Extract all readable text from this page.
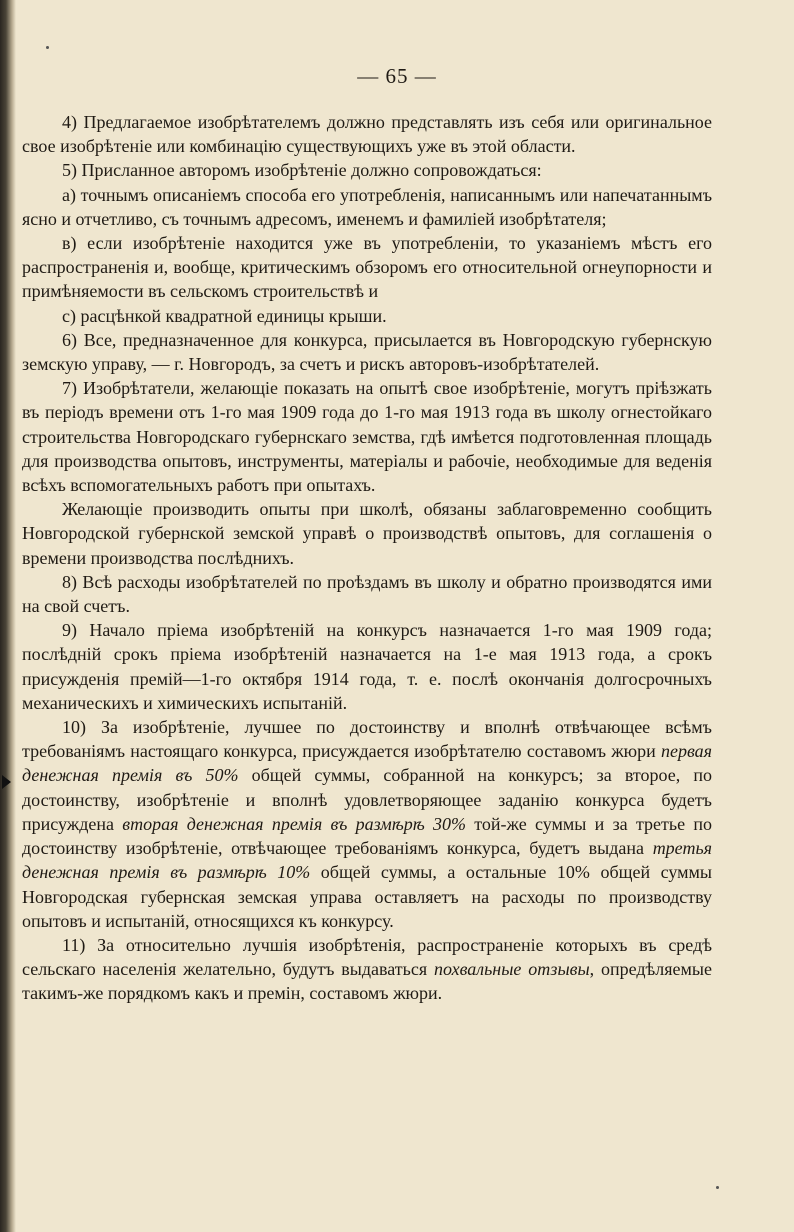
— 65 —

4) Предлагаемое изобрѣтателемъ должно представлять изъ себя или оригинальное свое изобрѣтеніе или комбинацію существующихъ уже въ этой области.

5) Присланное авторомъ изобрѣтеніе должно сопровождаться:

a) точнымъ описаніемъ способа его употребленія, написаннымъ или напечатаннымъ ясно и отчетливо, съ точнымъ адресомъ, именемъ и фамиліей изобрѣтателя;

в) если изобрѣтеніе находится уже въ употребленіи, то указаніемъ мѣстъ его распространенія и, вообще, критическимъ обзоромъ его относительной огнеупорности и примѣняемости въ сельскомъ строительствѣ и

c) расцѣнкой квадратной единицы крыши.

6) Все, предназначенное для конкурса, присылается въ Новгородскую губернскую земскую управу, — г. Новгородъ, за счетъ и рискъ авторовъ-изобрѣтателей.

7) Изобрѣтатели, желающіе показать на опытѣ свое изобрѣтеніе, могутъ пріѣзжать въ періодъ времени отъ 1-го мая 1909 года до 1-го мая 1913 года въ школу огнестойкаго строительства Новгородскаго губернскаго земства, гдѣ имѣется подготовленная площадь для производства опытовъ, инструменты, матеріалы и рабочіе, необходимые для веденія всѣхъ вспомогательныхъ работъ при опытахъ.

Желающіе производить опыты при школѣ, обязаны заблаговременно сообщить Новгородской губернской земской управѣ о производствѣ опытовъ, для соглашенія о времени производства послѣднихъ.

8) Всѣ расходы изобрѣтателей по проѣздамъ въ школу и обратно производятся ими на свой счетъ.

9) Начало пріема изобрѣтеній на конкурсъ назначается 1-го мая 1909 года; послѣдній срокъ пріема изобрѣтеній назначается на 1-е мая 1913 года, а срокъ присужденія премій—1-го октября 1914 года, т. е. послѣ окончанія долгосрочныхъ механическихъ и химическихъ испытаній.

10) За изобрѣтеніе, лучшее по достоинству и вполнѣ отвѣчающее всѣмъ требованіямъ настоящаго конкурса, присуждается изобрѣтателю составомъ жюри первая денежная премія въ 50% общей суммы, собранной на конкурсъ; за второе, по достоинству, изобрѣтеніе и вполнѣ удовлетворяющее заданію конкурса будетъ присуждена вторая денежная премія въ размѣрѣ 30% той-же суммы и за третье по достоинству изобрѣтеніе, отвѣчающее требованіямъ конкурса, будетъ выдана третья денежная премія въ размѣрѣ 10% общей суммы, а остальные 10% общей суммы Новгородская губернская земская управа оставляетъ на расходы по производству опытовъ и испытаній, относящихся къ конкурсу.

11) За относительно лучшія изобрѣтенія, распространеніе которыхъ въ средѣ сельскаго населенія желательно, будутъ выдаваться похвальные отзывы, опредѣляемые такимъ-же порядкомъ какъ и премін, составомъ жюри.
